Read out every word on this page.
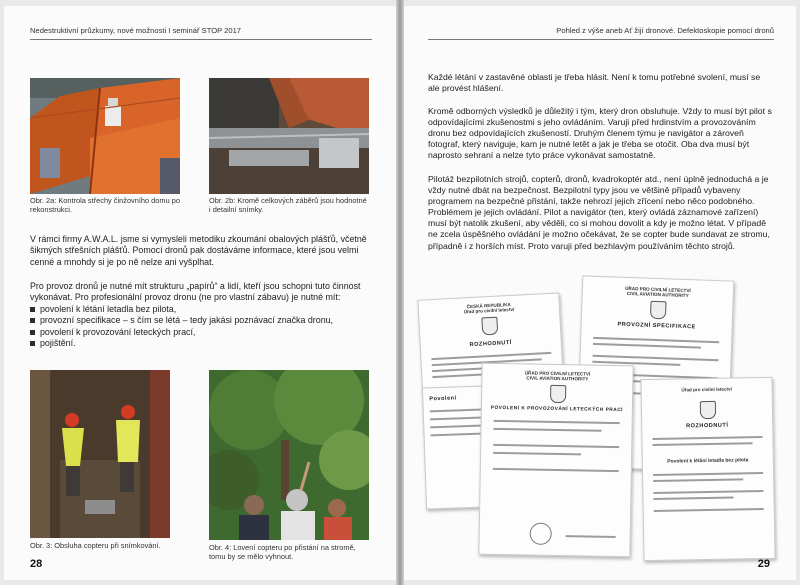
Nedestruktivní průzkumy, nové možnosti I seminář STOP 2017
Obr. 2a: Kontrola střechy činžovního domu po rekonstrukci.
Obr. 2b: Kromě celkových záběrů jsou hodnotné i detailní snímky.
V rámci firmy A.W.A.L. jsme si vymysleli metodiku zkoumání obalových plášťů, včetně šikmých střešních plášťů. Pomocí dronů pak dostáváme informace, které jsou velmi cenné a mnohdy si je po ně nelze ani vyšplhat.
Pro provoz dronů je nutné mít strukturu „papírů“ a lidí, kteří jsou schopni tuto činnost vykonávat. Pro profesionální provoz dronu (ne pro vlastní zábavu) je nutné mít:
povolení k létání letadla bez pilota,
provozní specifikace – s čím se létá – tedy jakási poznávací značka dronu,
povolení k provozování leteckých prací,
pojištění.
Obr. 3: Obsluha copteru při snímkování.	Obr. 4: Lovení copteru po přistání na stromě, tomu by se mělo vyhnout.
28
Pohled z výše aneb Ať žijí dronové. Defektoskopie pomocí dronů
Každé létání v zastavěné oblasti je třeba hlásit. Není k tomu potřebné svolení, musí se ale provést hlášení.
Kromě odborných výsledků je důležitý i tým, který dron obsluhuje. Vždy to musí být pilot s odpovídajícími zkušenostmi s jeho ovládáním. Varuji před hrdinstvím a provozováním dronu bez odpovídajících zkušeností. Druhým členem týmu je navigátor a zároveň fotograf, který naviguje, kam je nutné letět a jak je třeba se otočit. Oba dva musí být naprosto sehraní a nelze tyto práce vykonávat samostatně.
Pilotáž bezpilotních strojů, copterů, dronů, kvadrokoptér atd., není úplně jednoduchá a je vždy nutné dbát na bezpečnost. Bezpilotní typy jsou ve většině případů vybaveny programem na bezpečné přistání, takže nehrozí jejich zřícení nebo něco podobného. Problémem je jejich ovládání. Pilot a navigátor (ten, který ovládá záznamové zařízení) musí být natolik zkušení, aby věděli, co si mohou dovolit a kdy je možno létat. V případě ne zcela úspěšného ovládání je možno očekávat, že se copter bude sundavat ze stromu, případně i z horších míst. Proto varuji před bezhlavým používáním těchto strojů.
ÚŘAD PRO CIVILNÍ LETECTVÍ
CIVIL AVIATION AUTHORITY
PROVOZNÍ SPECIFIKACE
ČESKÁ REPUBLIKA
Úřad pro civilní letectví
ROZHODNUTÍ
Povolení
ÚŘAD PRO CIVILNÍ LETECTVÍ
CIVIL AVIATION AUTHORITY
POVOLENÍ K PROVOZOVÁNÍ LETECKÝCH PRACÍ
Úřad pro civilní letectví
ROZHODNUTÍ
Povolení k létání letadla bez pilota
29
